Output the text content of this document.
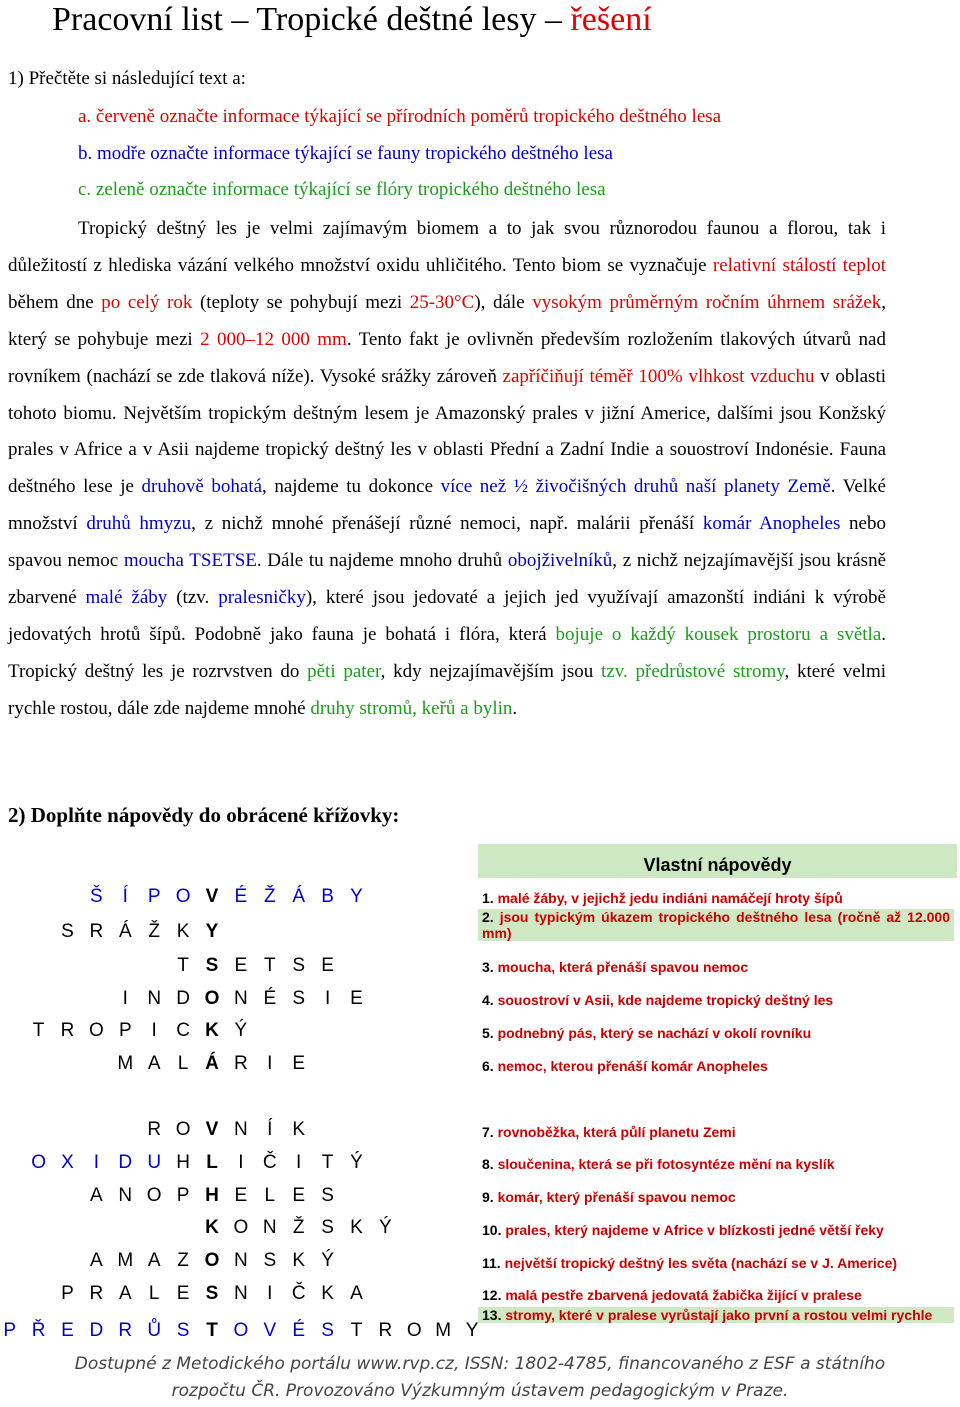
Pracovní list – Tropické deštné lesy – řešení
1) Přečtěte si následující text a:
a. červeně označte informace týkající se přírodních poměrů tropického deštného lesa
b. modře označte informace týkající se fauny tropického deštného lesa
c. zeleně označte informace týkající se flóry tropického deštného lesa
Tropický deštný les je velmi zajímavým biomem a to jak svou různorodou faunou a florou, tak i důležitostí z hlediska vázání velkého množství oxidu uhličitého. Tento biom se vyznačuje relativní stálostí teplot během dne po celý rok (teploty se pohybují mezi 25-30°C), dále vysokým průměrným ročním úhrnem srážek, který se pohybuje mezi 2 000–12 000 mm. Tento fakt je ovlivněn především rozložením tlakových útvarů nad rovníkem (nachází se zde tlaková níže). Vysoké srážky zároveň zapříčiňují téměř 100% vlhkost vzduchu v oblasti tohoto biomu. Největším tropickým deštným lesem je Amazonský prales v jižní Americe, dalšími jsou Konžský prales v Africe a v Asii najdeme tropický deštný les v oblasti Přední a Zadní Indie a souostroví Indonésie. Fauna deštného lese je druhově bohatá, najdeme tu dokonce více než ½ živočišných druhů naší planety Země. Velké množství druhů hmyzu, z nichž mnohé přenášejí různé nemoci, např. malárii přenáší komár Anopheles nebo spavou nemoc moucha TSETSE. Dále tu najdeme mnoho druhů obojživelníků, z nichž nejzajímavější jsou krásně zbarvené malé žáby (tzv. pralesničky), které jsou jedovaté a jejich jed využívají amazonští indiáni k výrobě jedovatých hrotů šípů. Podobně jako fauna je bohatá i flóra, která bojuje o každý kousek prostoru a světla. Tropický deštný les je rozrvstven do pěti pater, kdy nejzajímavějším jsou tzv. předrůstové stromy, které velmi rychle rostou, dále zde najdeme mnohé druhy stromů, keřů a bylin.
2) Doplňte nápovědy do obrácené křížovky:
Vlastní nápovědy
1. malé žáby, v jejichž jedu indiáni namáčejí hroty šípů
2. jsou typickým úkazem tropického deštného lesa (ročně až 12.000 mm)
3. moucha, která přenáší spavou nemoc
4. souostroví v Asii, kde najdeme tropický deštný les
5. podnebný pás, který se nachází v okolí rovníku
6. nemoc, kterou přenáší komár Anopheles
7. rovnoběžka, která půlí planetu Zemi
8. sloučenina, která se při fotosyntéze mění na kyslík
9. komár, který přenáší spavou nemoc
10. prales, který najdeme v Africe v blízkosti jedné větší řeky
11. největší tropický deštný les světa (nachází se v J. Americe)
12. malá pestře zbarvená jedovatá žabička žijící v pralese
13. stromy, které v pralese vyrůstají jako první a rostou velmi rychle
Š	Í	P O V É Ž Á B Y
S R Á Ž K Y
T S E T S E
I	N D O N É S	I	E
T R O P	I	C K Ý
M A L Á R	I	E
R O V N	Í	K
O X	I	D U H L	I	Č	I	T Ý
A N O P H E L E S
K O N Ž S K Ý
A M A Z O N S K Ý
P R A L E S N	I	Č K A
P Ř E D R Ů S T O V É S T R O M Y
Dostupné z Metodického portálu www.rvp.cz, ISSN: 1802-4785, financovaného z ESF a státního
rozpočtu ČR. Provozováno Výzkumným ústavem pedagogickým v Praze.
